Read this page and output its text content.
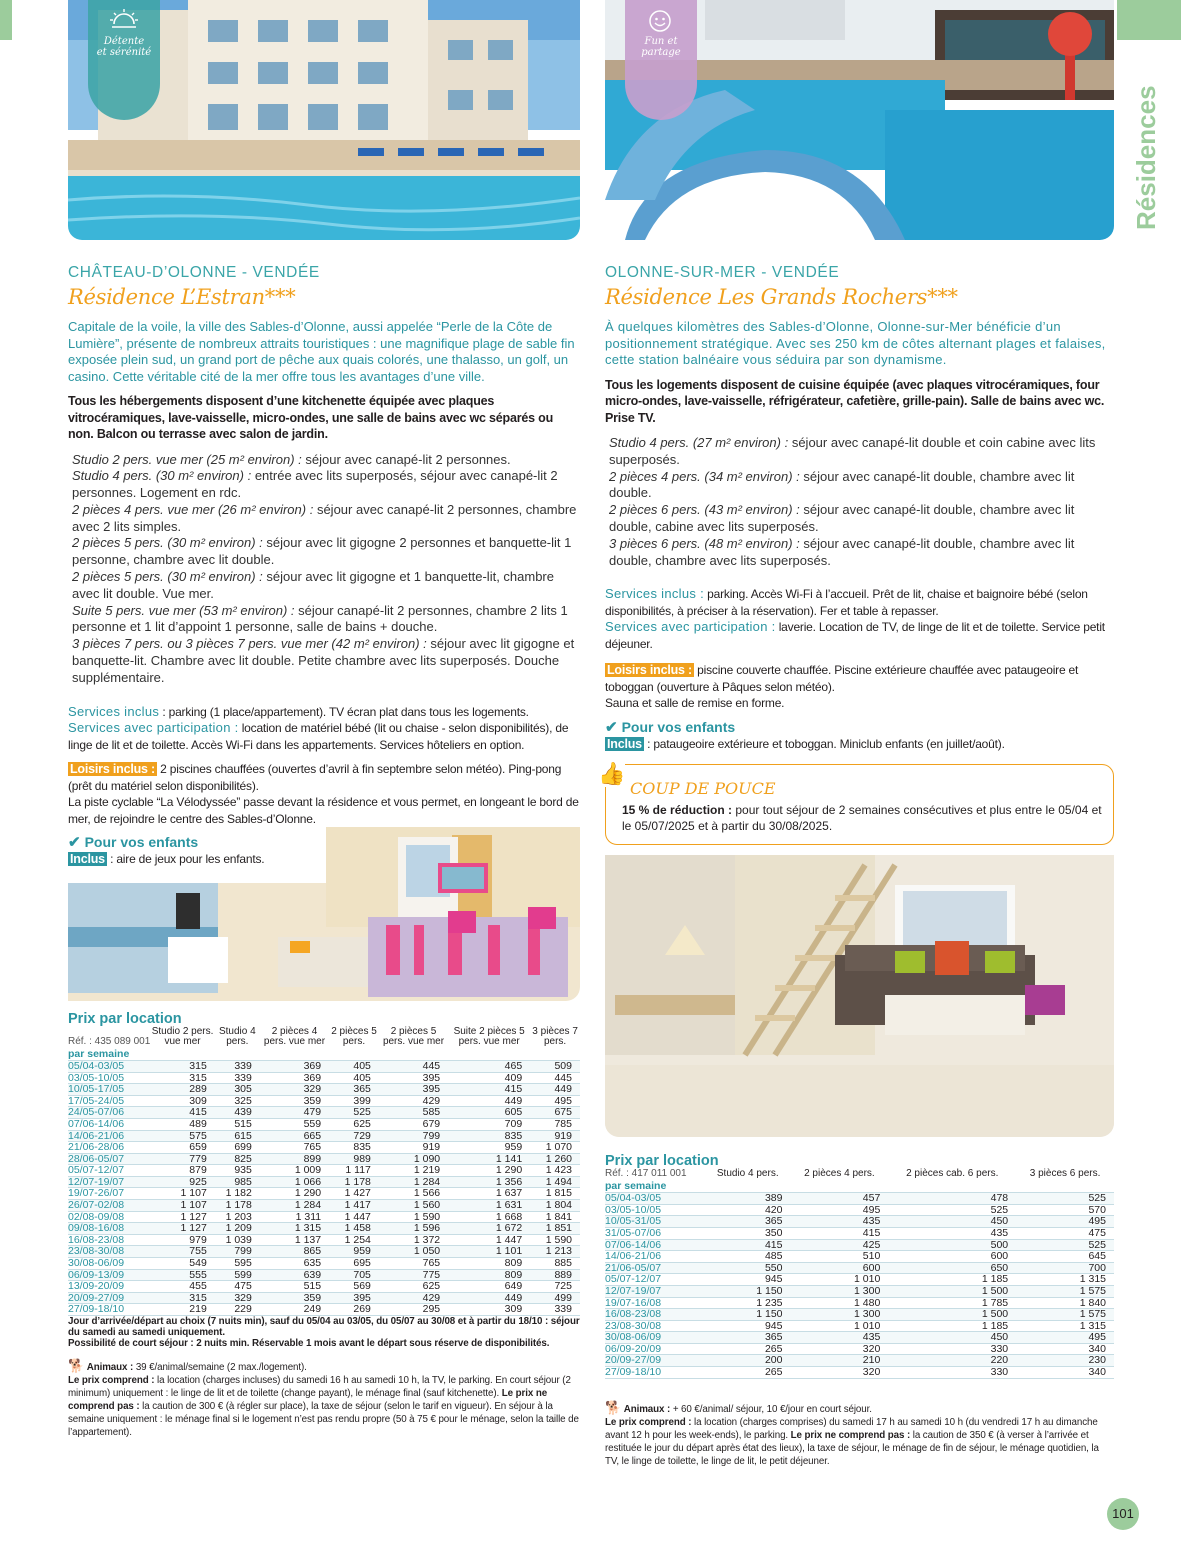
Résidences
Détente
et sérénité
CHÂTEAU-D’OLONNE - VENDÉE
Résidence L’Estran***
Capitale de la voile, la ville des Sables-d’Olonne, aussi appelée “Perle de la Côte de Lumière”, présente de nombreux attraits touristiques : une magnifique plage de sable fin exposée plein sud, un grand port de pêche aux quais colorés, une thalasso, un golf, un casino. Cette véritable cité de la mer offre tous les avantages d’une ville.
Tous les hébergements disposent d’une kitchenette équipée avec plaques vitrocéramiques, lave-vaisselle, micro-ondes, une salle de bains avec wc séparés ou non. Balcon ou terrasse avec salon de jardin.

Studio 2 pers. vue mer (25 m² environ) : séjour avec canapé-lit 2 personnes.

Studio 4 pers. (30 m² environ) : entrée avec lits superposés, séjour avec canapé-lit 2 personnes. Logement en rdc.

2 pièces 4 pers. vue mer (26 m² environ) : séjour avec canapé-lit 2 personnes, chambre avec 2 lits simples.

2 pièces 5 pers. (30 m² environ) : séjour avec lit gigogne 2 personnes et banquette-lit 1 personne, chambre avec lit double.

2 pièces 5 pers. (30 m² environ) : séjour avec lit gigogne et 1 banquette-lit, chambre avec lit double. Vue mer.

Suite 5 pers. vue mer (53 m² environ) : séjour canapé-lit 2 personnes, chambre 2 lits 1 personne et 1 lit d’appoint 1 personne, salle de bains + douche.

3 pièces 7 pers. ou 3 pièces 7 pers. vue mer (42 m² environ) : séjour avec lit gigogne et banquette-lit. Chambre avec lit double. Petite chambre avec lits superposés. Douche supplémentaire.

Services inclus : parking (1 place/appartement). TV écran plat dans tous les logements.
Services avec participation : location de matériel bébé (lit ou chaise - selon disponibilités), de linge de lit et de toilette. Accès Wi-Fi dans les appartements. Services hôteliers en option.
Loisirs inclus : 2 piscines chauffées (ouvertes d’avril à fin septembre selon météo). Ping-pong (prêt du matériel selon disponibilités).
La piste cyclable “La Vélodyssée” passe devant la résidence et vous permet, en longeant le bord de mer, de rejoindre le centre des Sables-d’Olonne.
✔ Pour vos enfants
Inclus : aire de jeux pour les enfants.
Prix par location
Réf. : 435 089 001	Studio 2 pers. vue mer	Studio 4 pers.	2 pièces 4 pers. vue mer	2 pièces 5 pers.	2 pièces 5 pers. vue mer	Suite 2 pièces 5 pers. vue mer	3 pièces 7 pers.
par semaine							
05/04-03/05	315	339	369	405	445	465	509
03/05-10/05	315	339	369	405	395	409	445
10/05-17/05	289	305	329	365	395	415	449
17/05-24/05	309	325	359	399	429	449	495
24/05-07/06	415	439	479	525	585	605	675
07/06-14/06	489	515	559	625	679	709	785
14/06-21/06	575	615	665	729	799	835	919
21/06-28/06	659	699	765	835	919	959	1 070
28/06-05/07	779	825	899	989	1 090	1 141	1 260
05/07-12/07	879	935	1 009	1 117	1 219	1 290	1 423
12/07-19/07	925	985	1 066	1 178	1 284	1 356	1 494
19/07-26/07	1 107	1 182	1 290	1 427	1 566	1 637	1 815
26/07-02/08	1 107	1 178	1 284	1 417	1 560	1 631	1 804
02/08-09/08	1 127	1 203	1 311	1 447	1 590	1 668	1 841
09/08-16/08	1 127	1 209	1 315	1 458	1 596	1 672	1 851
16/08-23/08	979	1 039	1 137	1 254	1 372	1 447	1 590
23/08-30/08	755	799	865	959	1 050	1 101	1 213
30/08-06/09	549	595	635	695	765	809	885
06/09-13/09	555	599	639	705	775	809	889
13/09-20/09	455	475	515	569	625	649	725
20/09-27/09	315	329	359	395	429	449	499
27/09-18/10	219	229	249	269	295	309	339
Jour d’arrivée/départ au choix (7 nuits min), sauf du 05/04 au 03/05, du 05/07 au 30/08 et à partir du 18/10 : séjour du samedi au samedi uniquement.
Possibilité de court séjour : 2 nuits min. Réservable 1 mois avant le départ sous réserve de disponibilités.
🐕 Animaux : 39 €/animal/semaine (2 max./logement).
Le prix comprend : la location (charges incluses) du samedi 16 h au samedi 10 h, la TV, le parking. En court séjour (2 minimum) uniquement : le linge de lit et de toilette (change payant), le ménage final (sauf kitchenette). Le prix ne comprend pas : la caution de 300 € (à régler sur place), la taxe de séjour (selon le tarif en vigueur). En séjour à la semaine uniquement : le ménage final si le logement n’est pas rendu propre (50 à 75 € pour le ménage, selon la taille de l’appartement).
Fun et
partage
OLONNE-SUR-MER - VENDÉE
Résidence Les Grands Rochers***
À quelques kilomètres des Sables-d’Olonne, Olonne-sur-Mer bénéficie d’un positionnement stratégique. Avec ses 250 km de côtes alternant plages et falaises, cette station balnéaire vous séduira par son dynamisme.
Tous les logements disposent de cuisine équipée (avec plaques vitrocéramiques, four micro-ondes, lave-vaisselle, réfrigérateur, cafetière, grille-pain). Salle de bains avec wc. Prise TV.

Studio 4 pers. (27 m² environ) : séjour avec canapé-lit double et coin cabine avec lits superposés.

2 pièces 4 pers. (34 m² environ) : séjour avec canapé-lit double, chambre avec lit double.

2 pièces 6 pers. (43 m² environ) : séjour avec canapé-lit double, chambre avec lit double, cabine avec lits superposés.

3 pièces 6 pers. (48 m² environ) : séjour avec canapé-lit double, chambre avec lit double, chambre avec lits superposés.

Services inclus : parking. Accès Wi-Fi à l’accueil. Prêt de lit, chaise et baignoire bébé (selon disponibilités, à préciser à la réservation). Fer et table à repasser.
Services avec participation : laverie. Location de TV, de linge de lit et de toilette. Service petit déjeuner.
Loisirs inclus : piscine couverte chauffée. Piscine extérieure chauffée avec pataugeoire et toboggan (ouverture à Pâques selon météo).
Sauna et salle de remise en forme.
✔ Pour vos enfants
Inclus : pataugeoire extérieure et toboggan. Miniclub enfants (en juillet/août).
👍
COUP DE POUCE
15 % de réduction : pour tout séjour de 2 semaines consécutives et plus entre le 05/04 et le 05/07/2025 et à partir du 30/08/2025.
Prix par location
Réf. : 417 011 001	Studio 4 pers.	2 pièces 4 pers.	2 pièces cab. 6 pers.	3 pièces 6 pers.
par semaine				
05/04-03/05	389	457	478	525
03/05-10/05	420	495	525	570
10/05-31/05	365	435	450	495
31/05-07/06	350	415	435	475
07/06-14/06	415	425	500	525
14/06-21/06	485	510	600	645
21/06-05/07	550	600	650	700
05/07-12/07	945	1 010	1 185	1 315
12/07-19/07	1 150	1 300	1 500	1 575
19/07-16/08	1 235	1 480	1 785	1 840
16/08-23/08	1 150	1 300	1 500	1 575
23/08-30/08	945	1 010	1 185	1 315
30/08-06/09	365	435	450	495
06/09-20/09	265	320	330	340
20/09-27/09	200	210	220	230
27/09-18/10	265	320	330	340
🐕 Animaux : + 60 €/animal/ séjour, 10 €/jour en court séjour.
Le prix comprend : la location (charges comprises) du samedi 17 h au samedi 10 h (du vendredi 17 h au dimanche avant 12 h pour les week-ends), le parking. Le prix ne comprend pas : la caution de 350 € (à verser à l’arrivée et restituée le jour du départ après état des lieux), la taxe de séjour, le ménage de fin de séjour, le ménage quotidien, la TV, le linge de toilette, le linge de lit, le petit déjeuner.
101
